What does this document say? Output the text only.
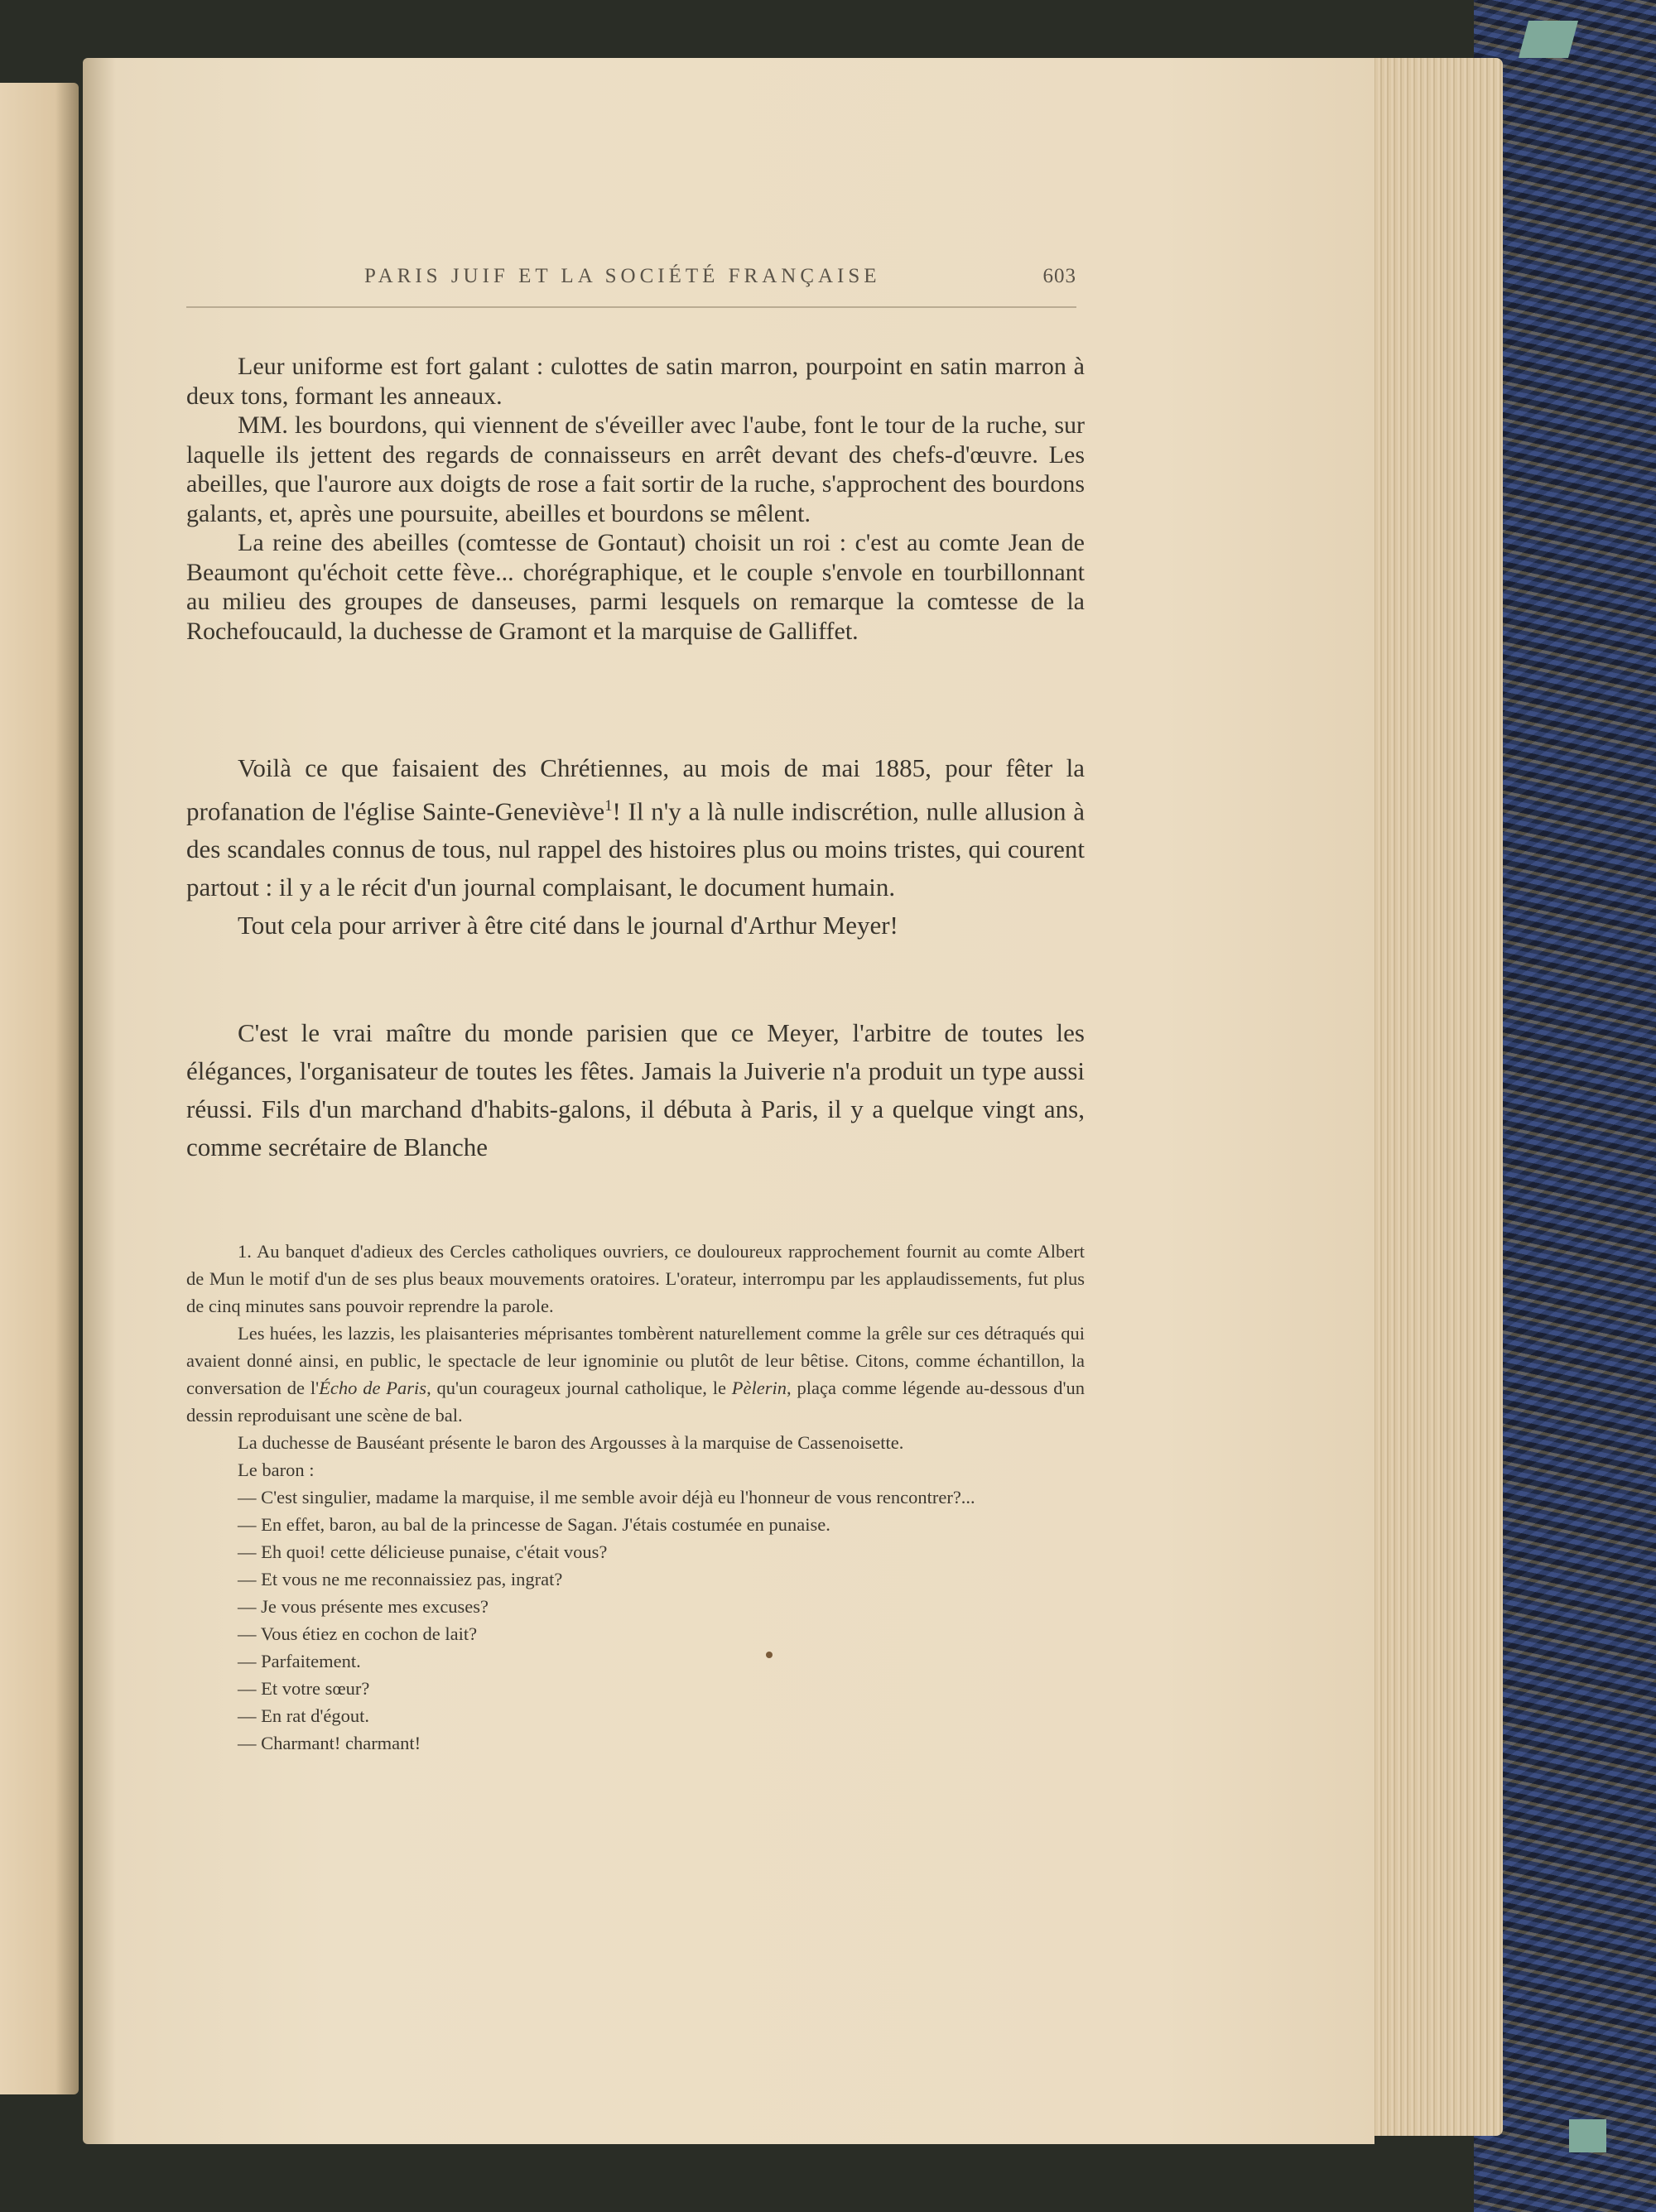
PARIS JUIF ET LA SOCIÉTÉ FRANÇAISE	603

Leur uniforme est fort galant : culottes de satin marron, pourpoint en satin marron à deux tons, formant les anneaux.

MM. les bourdons, qui viennent de s'éveiller avec l'aube, font le tour de la ruche, sur laquelle ils jettent des regards de connaisseurs en arrêt devant des chefs-d'œuvre. Les abeilles, que l'aurore aux doigts de rose a fait sortir de la ruche, s'approchent des bourdons galants, et, après une poursuite, abeilles et bourdons se mêlent.

La reine des abeilles (comtesse de Gontaut) choisit un roi : c'est au comte Jean de Beaumont qu'échoit cette fève... chorégraphique, et le couple s'envole en tourbillonnant au milieu des groupes de danseuses, parmi lesquels on remarque la comtesse de la Rochefoucauld, la duchesse de Gramont et la marquise de Galliffet.

Voilà ce que faisaient des Chrétiennes, au mois de mai 1885, pour fêter la profanation de l'église Sainte-Geneviève$^1$! Il n'y a là nulle indiscrétion, nulle allusion à des scandales connus de tous, nul rappel des histoires plus ou moins tristes, qui courent partout : il y a le récit d'un journal complaisant, le document humain.

Tout cela pour arriver à être cité dans le journal d'Arthur Meyer!

C'est le vrai maître du monde parisien que ce Meyer, l'arbitre de toutes les élégances, l'organisateur de toutes les fêtes. Jamais la Juiverie n'a produit un type aussi réussi. Fils d'un marchand d'habits-galons, il débuta à Paris, il y a quelque vingt ans, comme secrétaire de Blanche

1. Au banquet d'adieux des Cercles catholiques ouvriers, ce douloureux rapprochement fournit au comte Albert de Mun le motif d'un de ses plus beaux mouvements oratoires. L'orateur, interrompu par les applaudissements, fut plus de cinq minutes sans pouvoir reprendre la parole.

Les huées, les lazzis, les plaisanteries méprisantes tombèrent naturellement comme la grêle sur ces détraqués qui avaient donné ainsi, en public, le spectacle de leur ignominie ou plutôt de leur bêtise. Citons, comme échantillon, la conversation de l'Écho de Paris, qu'un courageux journal catholique, le Pèlerin, plaça comme légende au-dessous d'un dessin reproduisant une scène de bal.

La duchesse de Bauséant présente le baron des Argousses à la marquise de Cassenoisette.

Le baron :

— C'est singulier, madame la marquise, il me semble avoir déjà eu l'honneur de vous rencontrer?...

— En effet, baron, au bal de la princesse de Sagan. J'étais costumée en punaise.

— Eh quoi! cette délicieuse punaise, c'était vous?

— Et vous ne me reconnaissiez pas, ingrat?

— Je vous présente mes excuses?

— Vous étiez en cochon de lait?

— Parfaitement.

— Et votre sœur?

— En rat d'égout.

— Charmant! charmant!
